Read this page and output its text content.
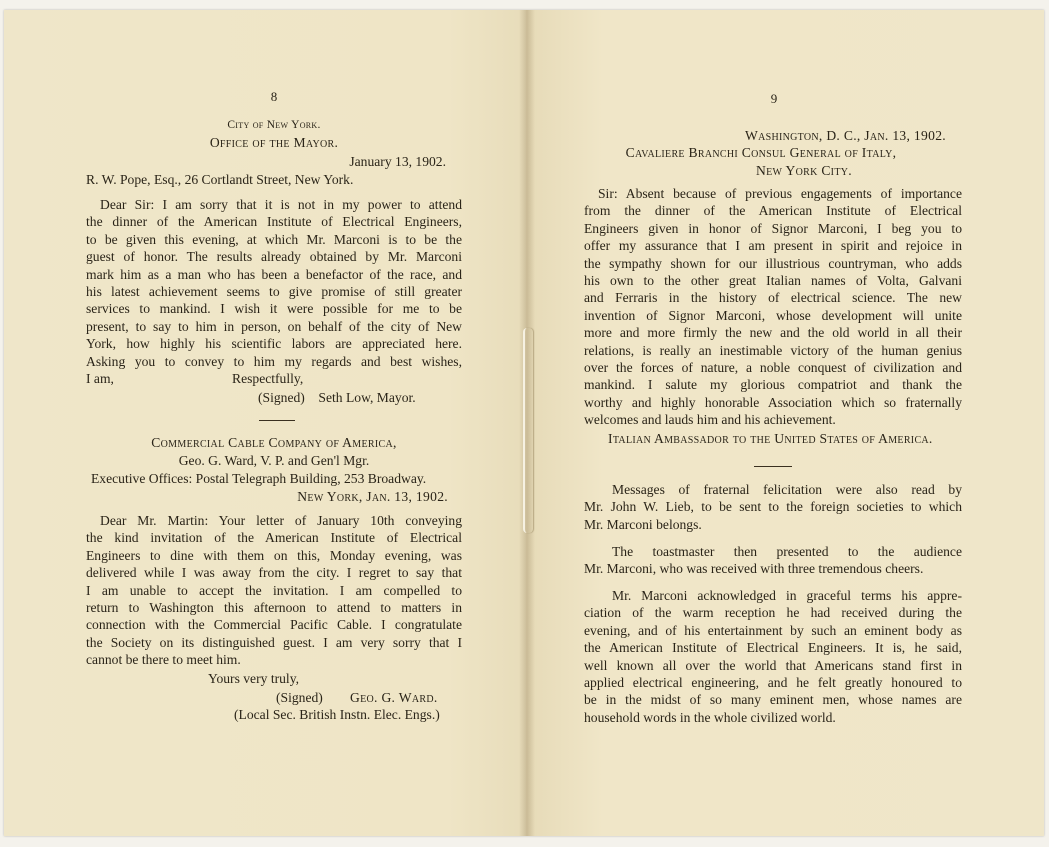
8
City of New York.
Office of the Mayor.
January 13, 1902.
R. W. Pope, Esq., 26 Cortlandt Street, New York.
Dear Sir: I am sorry that it is not in my power to attend
the dinner of the American Institute of Electrical Engineers,
to be given this evening, at which Mr. Marconi is to be the
guest of honor. The results already obtained by Mr. Marconi
mark him as a man who has been a benefactor of the race, and
his latest achievement seems to give promise of still greater
services to mankind. I wish it were possible for me to be
present, to say to him in person, on behalf of the city of New
York, how highly his scientific labors are appreciated here.
Asking you to convey to him my regards and best wishes,
I am,	Respectfully,
(Signed)    Seth Low, Mayor.
Commercial Cable Company of America,
Geo. G. Ward, V. P. and Gen'l Mgr.
Executive Offices: Postal Telegraph Building, 253 Broadway.
New York, Jan. 13, 1902.
Dear Mr. Martin: Your letter of January 10th conveying
the kind invitation of the American Institute of Electrical
Engineers to dine with them on this, Monday evening, was
delivered while I was away from the city. I regret to say that
I am unable to accept the invitation. I am compelled to
return to Washington this afternoon to attend to matters in
connection with the Commercial Pacific Cable. I congratulate
the Society on its distinguished guest. I am very sorry that I
cannot be there to meet him.
Yours very truly,
(Signed) Geo. G. Ward.
(Local Sec. British Instn. Elec. Engs.)
9
Washington, D. C., Jan. 13, 1902.
Cavaliere Branchi Consul General of Italy,
New York City.
Sir: Absent because of previous engagements of importance
from the dinner of the American Institute of Electrical
Engineers given in honor of Signor Marconi, I beg you to
offer my assurance that I am present in spirit and rejoice in
the sympathy shown for our illustrious countryman, who adds
his own to the other great Italian names of Volta, Galvani
and Ferraris in the history of electrical science. The new
invention of Signor Marconi, whose development will unite
more and more firmly the new and the old world in all their
relations, is really an inestimable victory of the human genius
over the forces of nature, a noble conquest of civilization and
mankind. I salute my glorious compatriot and thank the
worthy and highly honorable Association which so fraternally
welcomes and lauds him and his achievement.
Italian Ambassador to the United States of America.
Messages of fraternal felicitation were also read by
Mr. John W. Lieb, to be sent to the foreign societies to which
Mr. Marconi belongs.
The toastmaster then presented to the audience
Mr. Marconi, who was received with three tremendous cheers.
Mr. Marconi acknowledged in graceful terms his appre-
ciation of the warm reception he had received during the
evening, and of his entertainment by such an eminent body as
the American Institute of Electrical Engineers. It is, he said,
well known all over the world that Americans stand first in
applied electrical engineering, and he felt greatly honoured to
be in the midst of so many eminent men, whose names are
household words in the whole civilized world.
